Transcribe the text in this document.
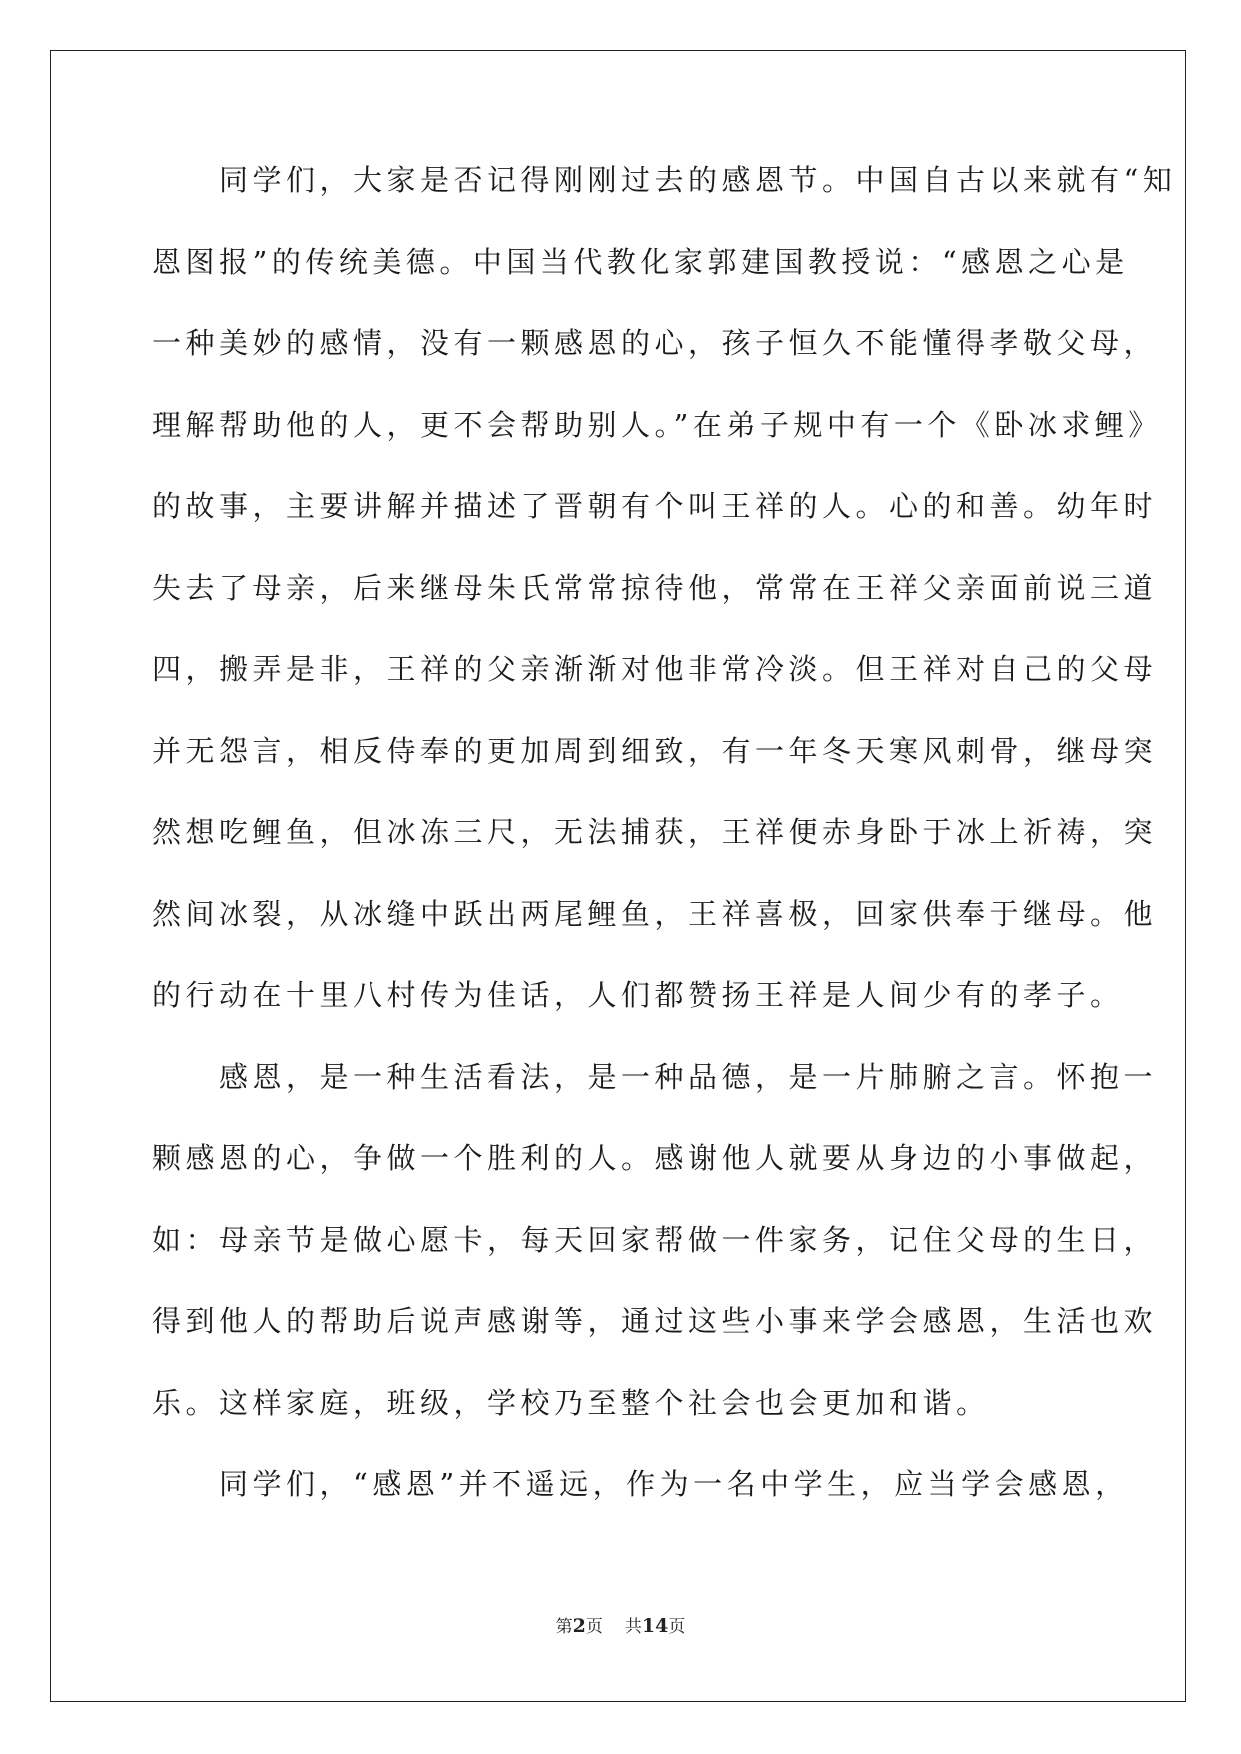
　　同学们，大家是否记得刚刚过去的感恩节。中国自古以来就有“知
恩图报”的传统美德。中国当代教化家郭建国教授说：“感恩之心是
一种美妙的感情，没有一颗感恩的心，孩子恒久不能懂得孝敬父母，
理解帮助他的人，更不会帮助别人。”在弟子规中有一个《卧冰求鲤》
的故事，主要讲解并描述了晋朝有个叫王祥的人。心的和善。幼年时
失去了母亲，后来继母朱氏常常掠待他，常常在王祥父亲面前说三道
四，搬弄是非，王祥的父亲渐渐对他非常冷淡。但王祥对自己的父母
并无怨言，相反侍奉的更加周到细致，有一年冬天寒风刺骨，继母突
然想吃鲤鱼，但冰冻三尺，无法捕获，王祥便赤身卧于冰上祈祷，突
然间冰裂，从冰缝中跃出两尾鲤鱼，王祥喜极，回家供奉于继母。他
的行动在十里八村传为佳话，人们都赞扬王祥是人间少有的孝子。
　　感恩，是一种生活看法，是一种品德，是一片肺腑之言。怀抱一
颗感恩的心，争做一个胜利的人。感谢他人就要从身边的小事做起，
如：母亲节是做心愿卡，每天回家帮做一件家务，记住父母的生日，
得到他人的帮助后说声感谢等，通过这些小事来学会感恩，生活也欢
乐。这样家庭，班级，学校乃至整个社会也会更加和谐。
　　同学们，“感恩”并不遥远，作为一名中学生，应当学会感恩，
第2页 共14页
